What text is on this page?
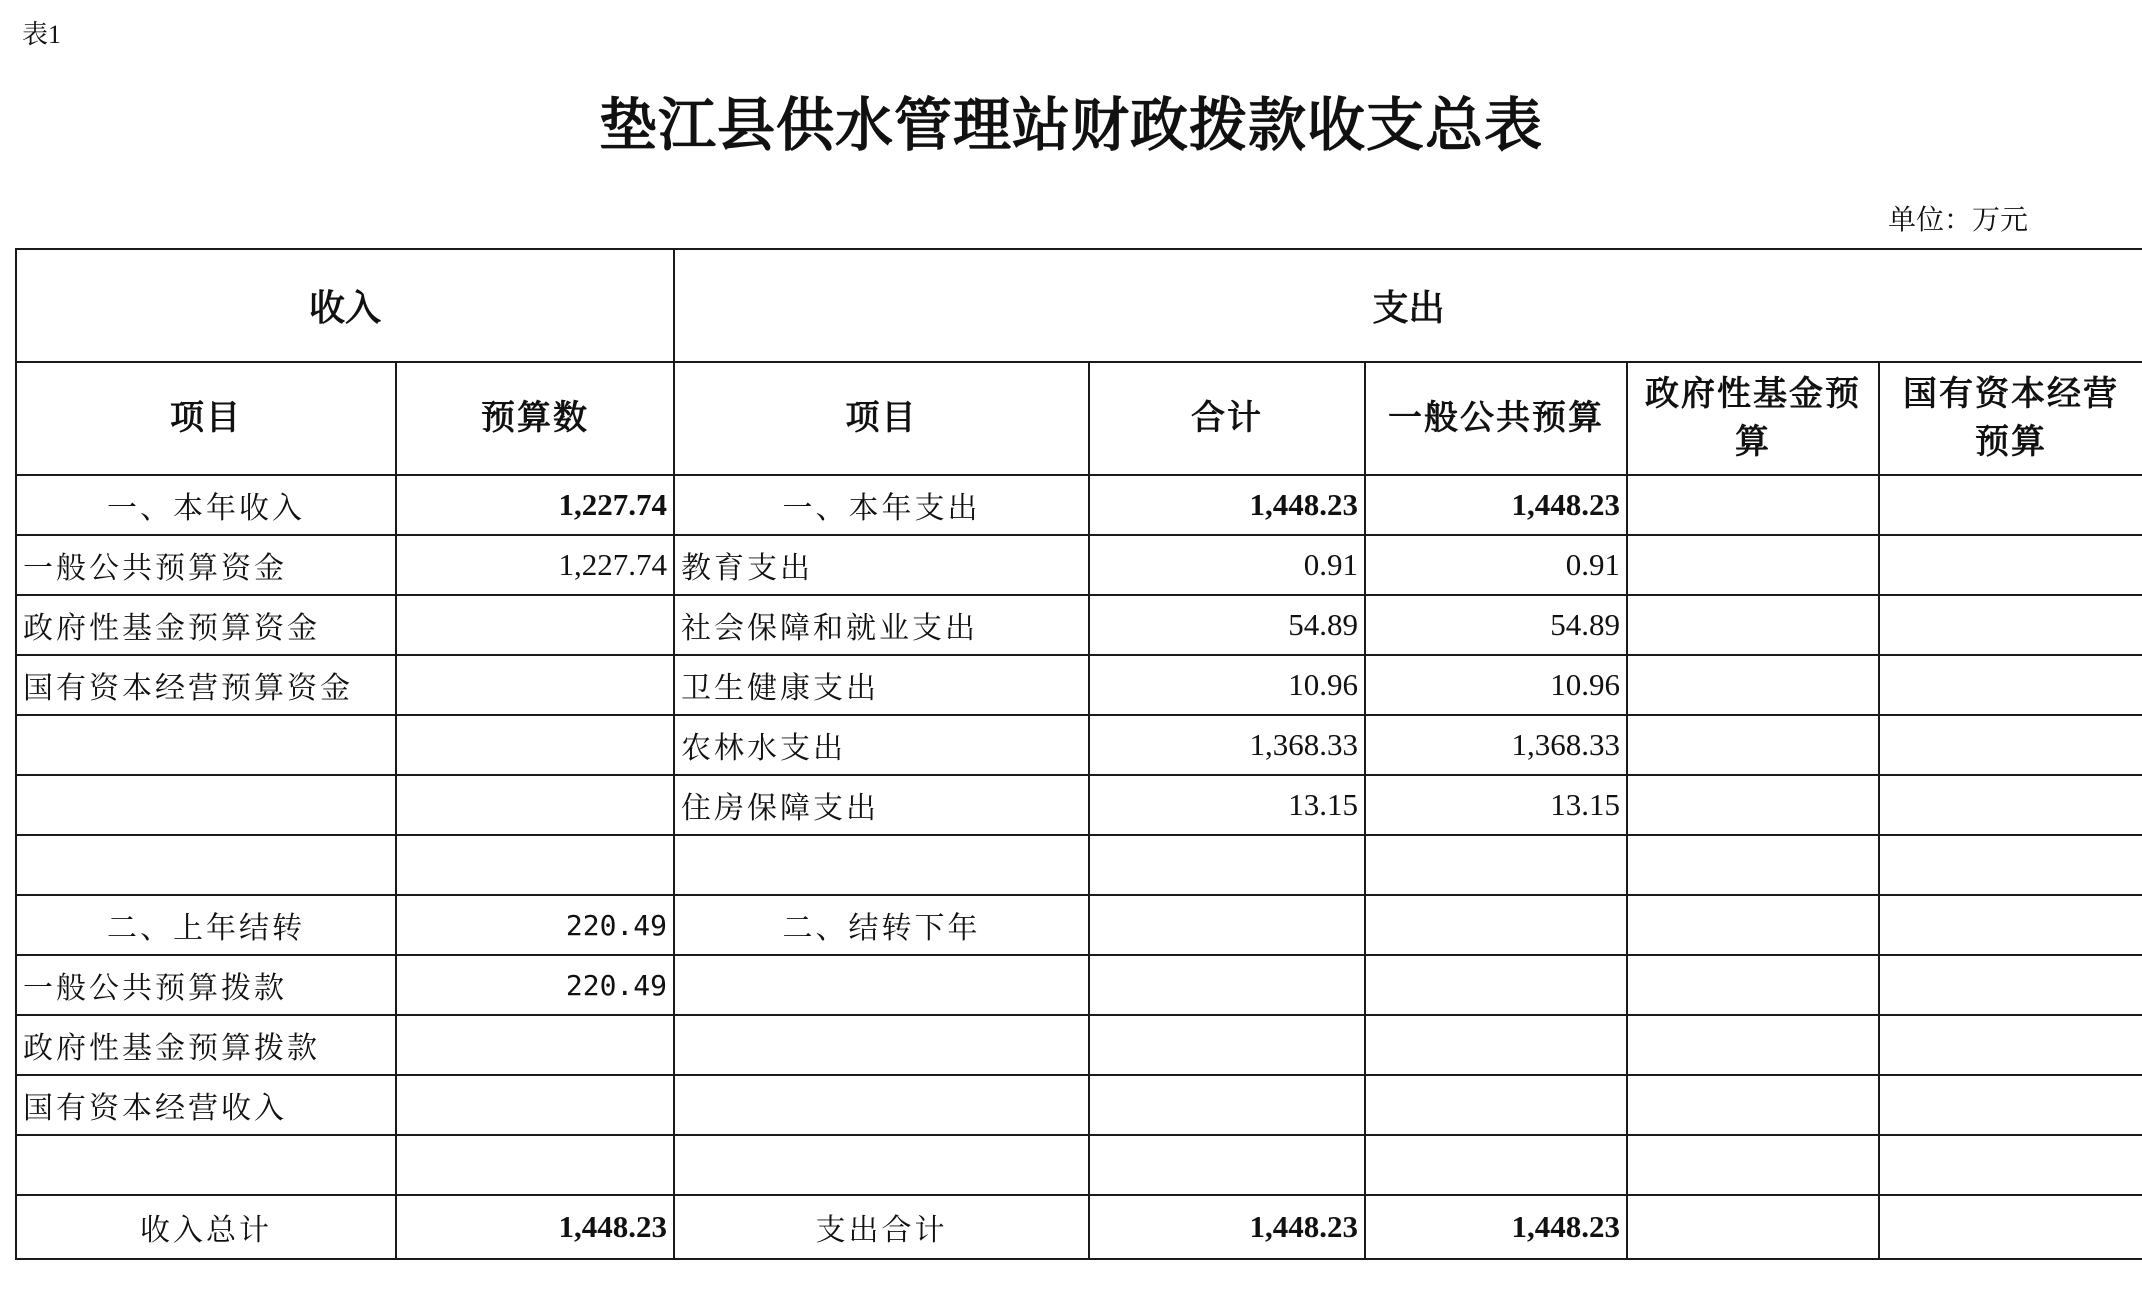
表1
垫江县供水管理站财政拨款收支总表
单位：万元
收入		支出				
项目	预算数	项目	合计	一般公共预算	政府性基金预算	国有资本经营预算
一、本年收入	1,227.74	一、本年支出	1,448.23	1,448.23		
一般公共预算资金	1,227.74	教育支出	0.91	0.91		
政府性基金预算资金		社会保障和就业支出	54.89	54.89		
国有资本经营预算资金		卫生健康支出	10.96	10.96		
		农林水支出	1,368.33	1,368.33		
		住房保障支出	13.15	13.15		

二、上年结转	220.49	二、结转下年				
一般公共预算拨款	220.49					
政府性基金预算拨款						
国有资本经营收入						

收入总计	1,448.23	支出合计	1,448.23	1,448.23		
